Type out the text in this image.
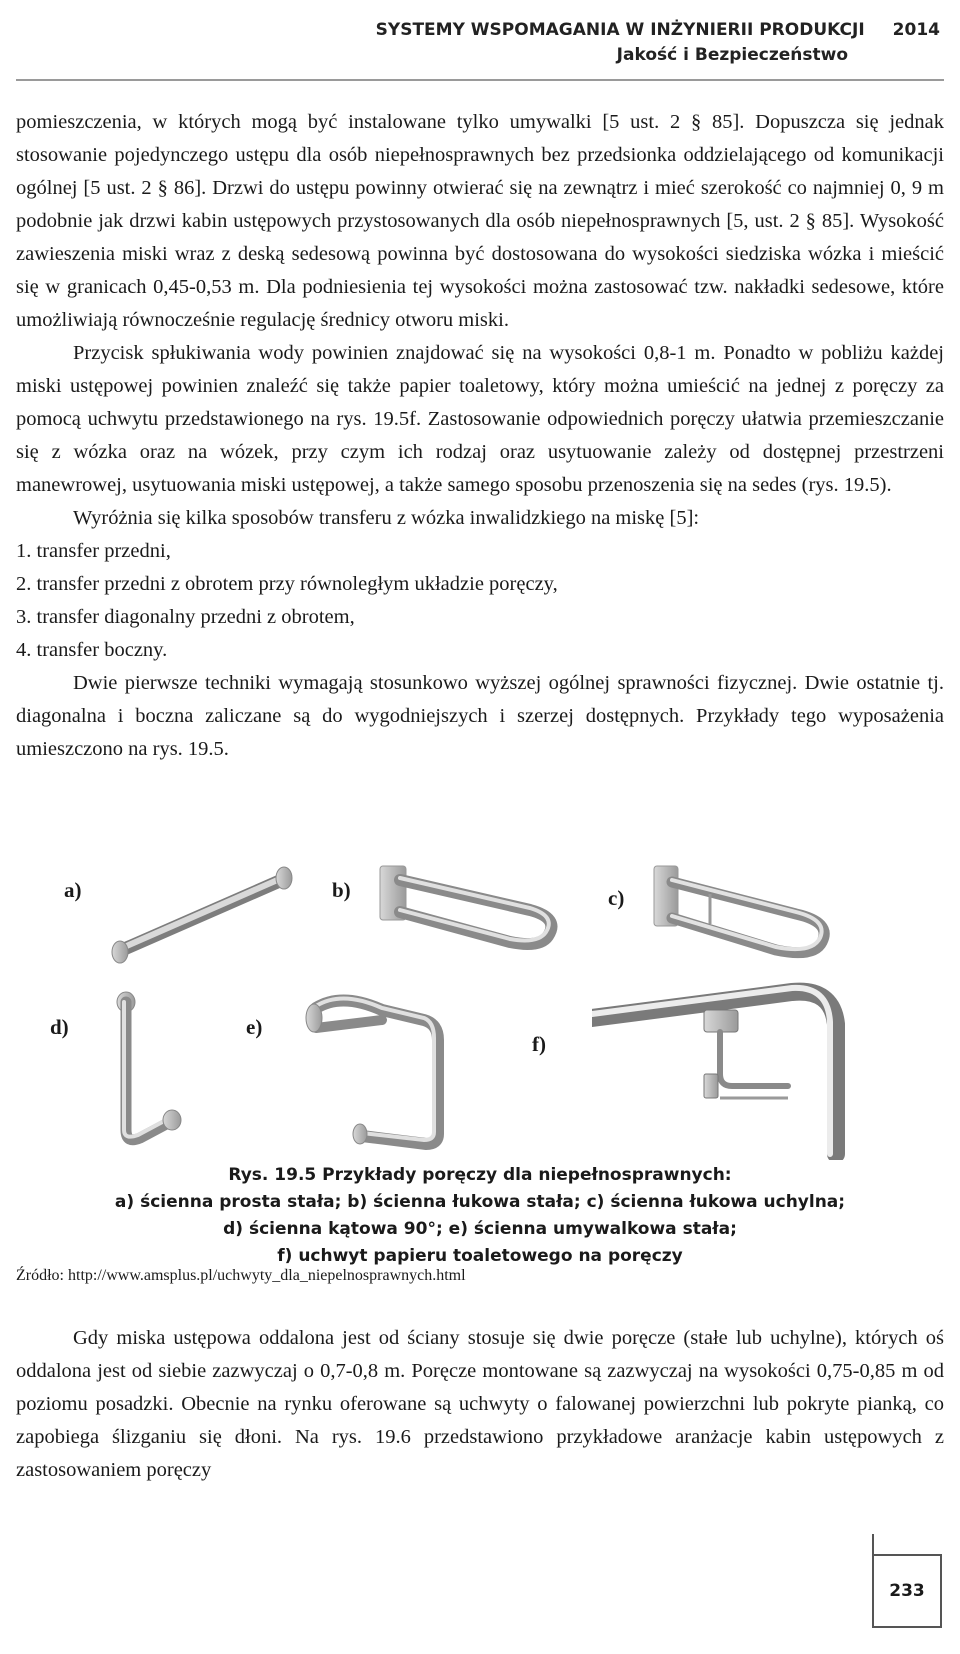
SYSTEMY WSPOMAGANIA W INŻYNIERII PRODUKCJI 2014
Jakość i Bezpieczeństwo

pomieszczenia, w których mogą być instalowane tylko umywalki [5 ust. 2 § 85]. Dopuszcza się jednak stosowanie pojedynczego ustępu dla osób niepełnosprawnych bez przedsionka oddzielającego od komunikacji ogólnej [5 ust. 2 § 86]. Drzwi do ustępu powinny otwierać się na zewnątrz i mieć szerokość co najmniej 0, 9 m podobnie jak drzwi kabin ustępowych przystosowanych dla osób niepełnosprawnych [5, ust. 2 § 85]. Wysokość zawieszenia miski wraz z deską sedesową powinna być dostosowana do wysokości siedziska wózka i mieścić się w granicach 0,45-0,53 m. Dla podniesienia tej wysokości można zastosować tzw. nakładki sedesowe, które umożliwiają równocześnie regulację średnicy otworu miski.

Przycisk spłukiwania wody powinien znajdować się na wysokości 0,8-1 m. Ponadto w pobliżu każdej miski ustępowej powinien znaleźć się także papier toaletowy, który można umieścić na jednej z poręczy za pomocą uchwytu przedstawionego na rys. 19.5f. Zastosowanie odpowiednich poręczy ułatwia przemieszczanie się z wózka oraz na wózek, przy czym ich rodzaj oraz usytuowanie zależy od dostępnej przestrzeni manewrowej, usytuowania miski ustępowej, a także samego sposobu przenoszenia się na sedes (rys. 19.5).

Wyróżnia się kilka sposobów transferu z wózka inwalidzkiego na miskę [5]:

1. transfer przedni,

2. transfer przedni z obrotem przy równoległym układzie poręczy,

3. transfer diagonalny przedni z obrotem,

4. transfer boczny.

Dwie pierwsze techniki wymagają stosunkowo wyższej ogólnej sprawności fizycznej. Dwie ostatnie tj. diagonalna i boczna zaliczane są do wygodniejszych i szerzej dostępnych. Przykłady tego wyposażenia umieszczono na rys. 19.5.

a)	b)	c)
d)	e)
f)
Rys. 19.5 Przykłady poręczy dla niepełnosprawnych:
a) ścienna prosta stała; b) ścienna łukowa stała; c) ścienna łukowa uchylna;
d) ścienna kątowa 90°; e) ścienna umywalkowa stała;
f) uchwyt papieru toaletowego na poręczy
Źródło: http://www.amsplus.pl/uchwyty_dla_niepelnosprawnych.html

Gdy miska ustępowa oddalona jest od ściany stosuje się dwie poręcze (stałe lub uchylne), których oś oddalona jest od siebie zazwyczaj o 0,7-0,8 m. Poręcze montowane są zazwyczaj na wysokości 0,75-0,85 m od poziomu posadzki. Obecnie na rynku oferowane są uchwyty o falowanej powierzchni lub pokryte pianką, co zapobiega ślizganiu się dłoni. Na rys. 19.6 przedstawiono przykładowe aranżacje kabin ustępowych z zastosowaniem poręczy

233
